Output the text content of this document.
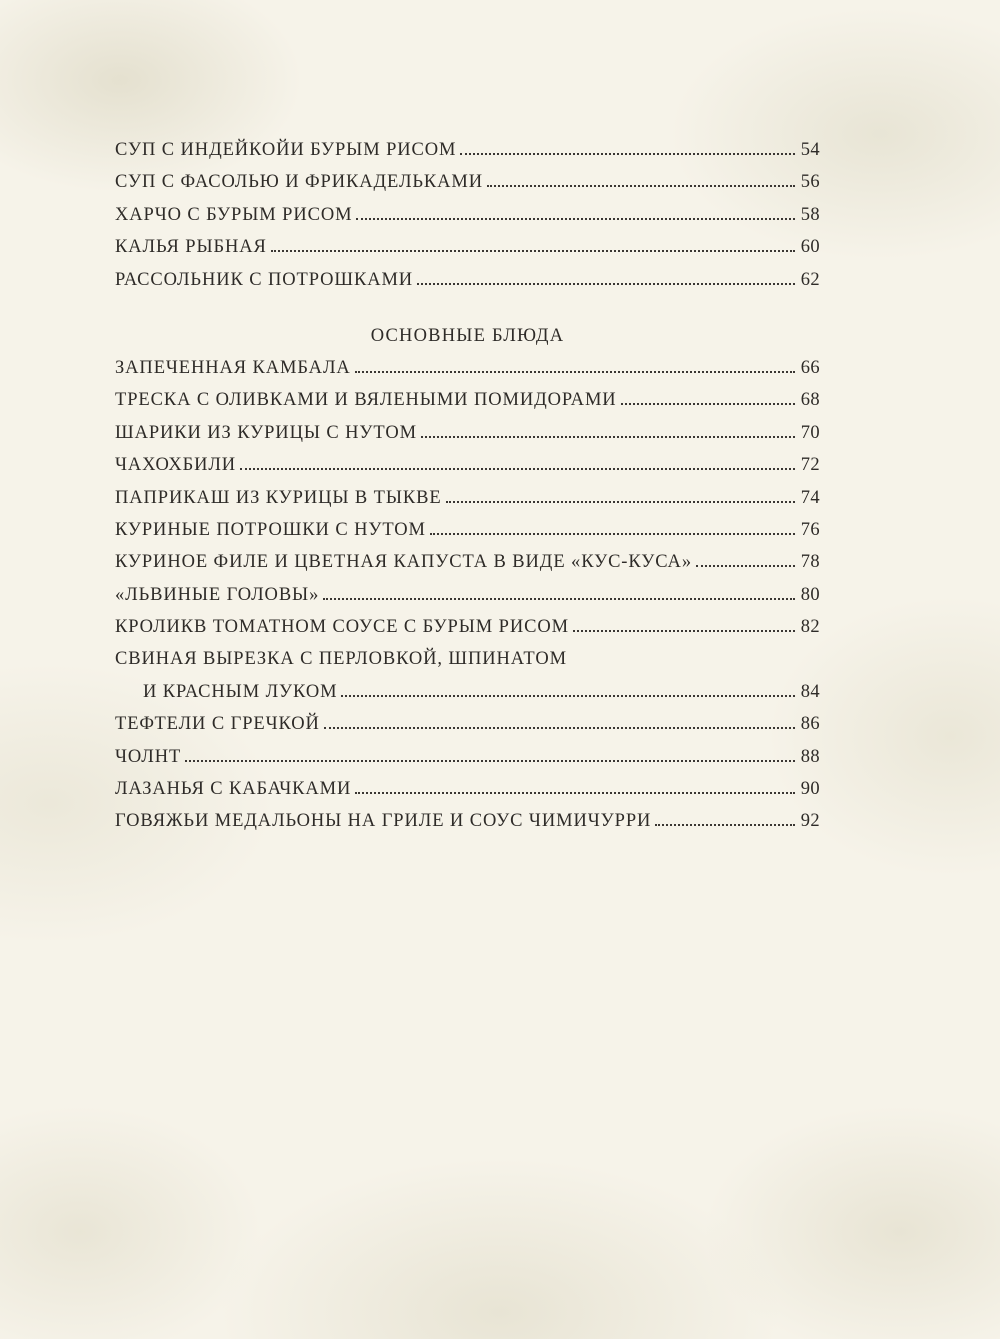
СУП С ИНДЕЙКОЙИ БУРЫМ РИСОМ	54
СУП С ФАСОЛЬЮ И ФРИКАДЕЛЬКАМИ	56
ХАРЧО С БУРЫМ РИСОМ	58
КАЛЬЯ РЫБНАЯ	60
РАССОЛЬНИК С ПОТРОШКАМИ	62
ОСНОВНЫЕ БЛЮДА
ЗАПЕЧЕННАЯ КАМБАЛА	66
ТРЕСКА С ОЛИВКАМИ И ВЯЛЕНЫМИ ПОМИДОРАМИ	68
ШАРИКИ ИЗ КУРИЦЫ С НУТОМ	70
ЧАХОХБИЛИ	72
ПАПРИКАШ ИЗ КУРИЦЫ В ТЫКВЕ	74
КУРИНЫЕ ПОТРОШКИ С НУТОМ	76
КУРИНОЕ ФИЛЕ И ЦВЕТНАЯ КАПУСТА В ВИДЕ «КУС-КУСА»	78
«ЛЬВИНЫЕ ГОЛОВЫ»	80
КРОЛИКВ ТОМАТНОМ СОУСЕ С БУРЫМ РИСОМ	82
СВИНАЯ ВЫРЕЗКА С ПЕРЛОВКОЙ, ШПИНАТОМ
И КРАСНЫМ ЛУКОМ	84
ТЕФТЕЛИ С ГРЕЧКОЙ	86
ЧОЛНТ	88
ЛАЗАНЬЯ С КАБАЧКАМИ	90
ГОВЯЖЬИ МЕДАЛЬОНЫ НА ГРИЛЕ И СОУС ЧИМИЧУРРИ	92
